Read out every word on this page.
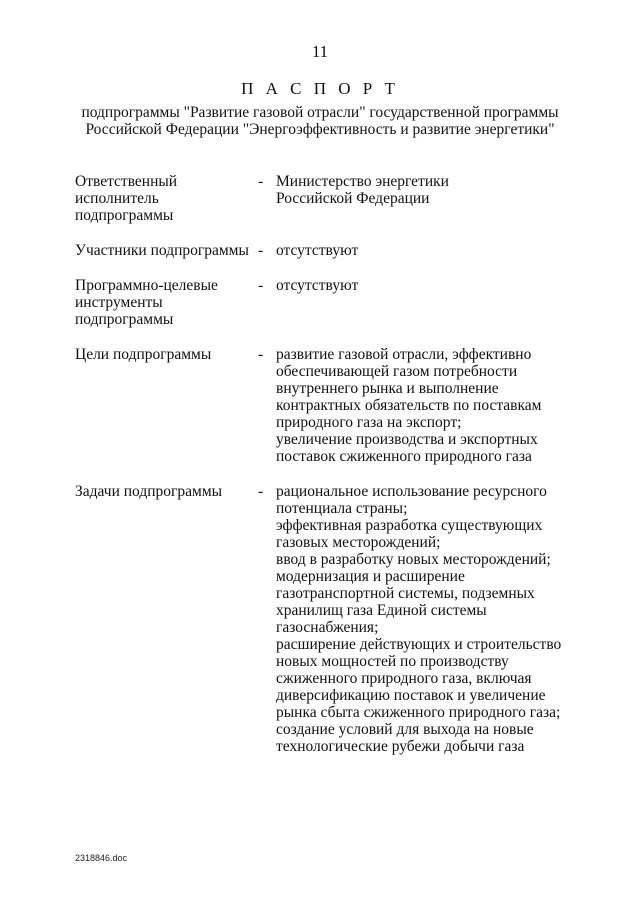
11
П А С П О Р Т
подпрограммы "Развитие газовой отрасли" государственной программы
Российской Федерации "Энергоэффективность и развитие энергетики"
Ответственный
исполнитель
подпрограммы
- Министерство энергетики
Российской Федерации
Участники подпрограммы - отсутствуют
Программно-целевые
инструменты
подпрограммы
- отсутствуют
Цели подпрограммы	- развитие газовой отрасли, эффективно
обеспечивающей газом потребности
внутреннего рынка и выполнение
контрактных обязательств по поставкам
природного газа на экспорт;
увеличение производства и экспортных
поставок сжиженного природного газа
Задачи подпрограммы	- рациональное использование ресурсного
потенциала страны;
эффективная разработка существующих
газовых месторождений;
ввод в разработку новых месторождений;
модернизация и расширение
газотранспортной системы, подземных
хранилищ газа Единой системы
газоснабжения;
расширение действующих и строительство
новых мощностей по производству
сжиженного природного газа, включая
диверсификацию поставок и увеличение
рынка сбыта сжиженного природного газа;
создание условий для выхода на новые
технологические рубежи добычи газа
2318846.doc
